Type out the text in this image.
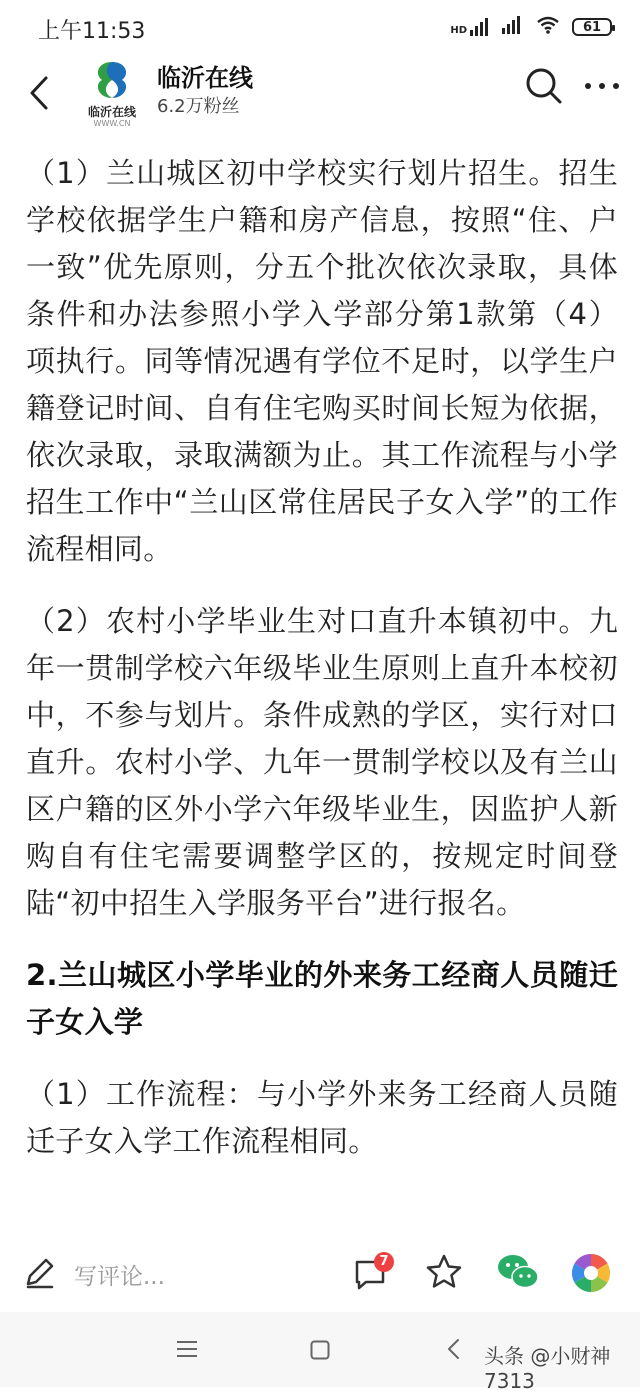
上午11:53	HD	61
临沂在线
WWW.CN
临沂在线
6.2万粉丝

（1）兰山城区初中学校实行划片招生。招生学校依据学生户籍和房产信息，按照“住、户一致”优先原则，分五个批次依次录取，具体条件和办法参照小学入学部分第1款第（4）项执行。同等情况遇有学位不足时，以学生户籍登记时间、自有住宅购买时间长短为依据，依次录取，录取满额为止。其工作流程与小学招生工作中“兰山区常住居民子女入学”的工作流程相同。

（2）农村小学毕业生对口直升本镇初中。九年一贯制学校六年级毕业生原则上直升本校初中，不参与划片。条件成熟的学区，实行对口直升。农村小学、九年一贯制学校以及有兰山区户籍的区外小学六年级毕业生，因监护人新购自有住宅需要调整学区的，按规定时间登陆“初中招生入学服务平台”进行报名。

2.兰山城区小学毕业的外来务工经商人员随迁子女入学

（1）工作流程：与小学外来务工经商人员随迁子女入学工作流程相同。

写评论...
7
头条 @小财神7313
